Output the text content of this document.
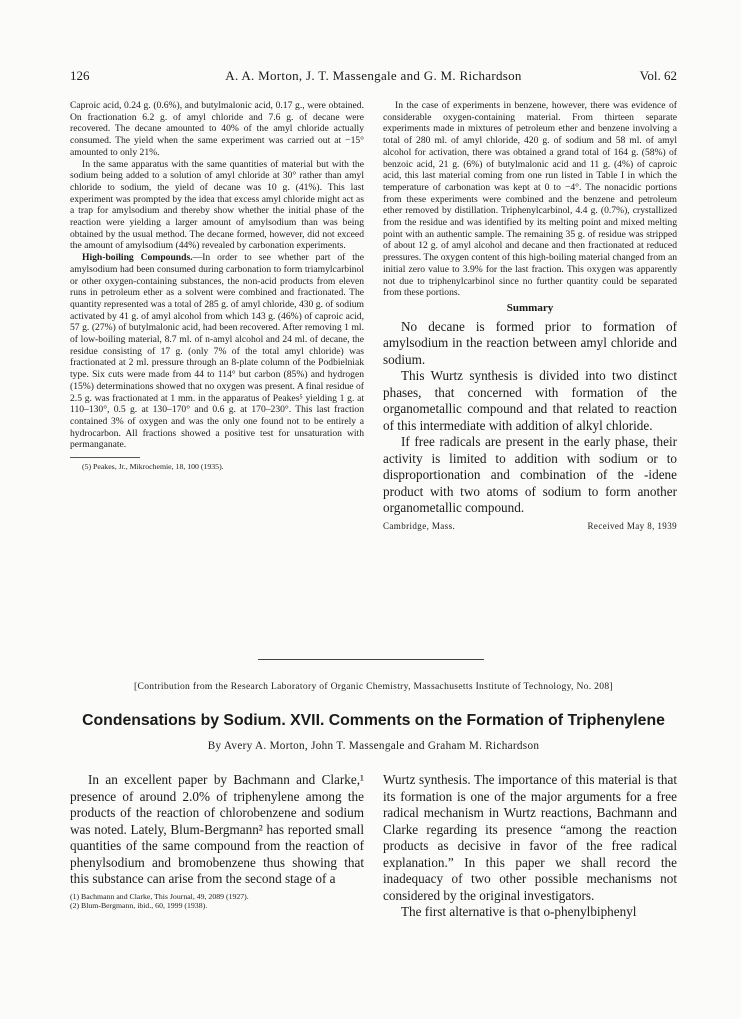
126	A. A. Morton, J. T. Massengale and G. M. Richardson	Vol. 62

Caproic acid, 0.24 g. (0.6%), and butylmalonic acid, 0.17 g., were obtained. On fractionation 6.2 g. of amyl chloride and 7.6 g. of decane were recovered. The decane amounted to 40% of the amyl chloride actually consumed. The yield when the same experiment was carried out at −15° amounted to only 21%.

In the same apparatus with the same quantities of material but with the sodium being added to a solution of amyl chloride at 30° rather than amyl chloride to sodium, the yield of decane was 10 g. (41%). This last experiment was prompted by the idea that excess amyl chloride might act as a trap for amylsodium and thereby show whether the initial phase of the reaction were yielding a larger amount of amylsodium than was being obtained by the usual method. The decane formed, however, did not exceed the amount of amylsodium (44%) revealed by carbonation experiments.

High-boiling Compounds.—In order to see whether part of the amylsodium had been consumed during carbonation to form triamylcarbinol or other oxygen-containing substances, the non-acid products from eleven runs in petroleum ether as a solvent were combined and fractionated. The quantity represented was a total of 285 g. of amyl chloride, 430 g. of sodium activated by 41 g. of amyl alcohol from which 143 g. (46%) of caproic acid, 57 g. (27%) of butylmalonic acid, had been recovered. After removing 1 ml. of low-boiling material, 8.7 ml. of n-amyl alcohol and 24 ml. of decane, the residue consisting of 17 g. (only 7% of the total amyl chloride) was fractionated at 2 ml. pressure through an 8-plate column of the Podbielniak type. Six cuts were made from 44 to 114° but carbon (85%) and hydrogen (15%) determinations showed that no oxygen was present. A final residue of 2.5 g. was fractionated at 1 mm. in the apparatus of Peakes⁵ yielding 1 g. at 110–130°, 0.5 g. at 130–170° and 0.6 g. at 170–230°. This last fraction contained 3% of oxygen and was the only one found not to be entirely a hydrocarbon. All fractions showed a positive test for unsaturation with permanganate.

(5) Peakes, Jr., Mikrochemie, 18, 100 (1935).

In the case of experiments in benzene, however, there was evidence of considerable oxygen-containing material. From thirteen separate experiments made in mixtures of petroleum ether and benzene involving a total of 280 ml. of amyl chloride, 420 g. of sodium and 58 ml. of amyl alcohol for activation, there was obtained a grand total of 164 g. (58%) of benzoic acid, 21 g. (6%) of butylmalonic acid and 11 g. (4%) of caproic acid, this last material coming from one run listed in Table I in which the temperature of carbonation was kept at 0 to −4°. The nonacidic portions from these experiments were combined and the benzene and petroleum ether removed by distillation. Triphenylcarbinol, 4.4 g. (0.7%), crystallized from the residue and was identified by its melting point and mixed melting point with an authentic sample. The remaining 35 g. of residue was stripped of about 12 g. of amyl alcohol and decane and then fractionated at reduced pressures. The oxygen content of this high-boiling material changed from an initial zero value to 3.9% for the last fraction. This oxygen was apparently not due to triphenylcarbinol since no further quantity could be separated from these portions.

Summary

No decane is formed prior to formation of amylsodium in the reaction between amyl chloride and sodium.

This Wurtz synthesis is divided into two distinct phases, that concerned with formation of the organometallic compound and that related to reaction of this intermediate with addition of alkyl chloride.

If free radicals are present in the early phase, their activity is limited to addition with sodium or to disproportionation and combination of the -idene product with two atoms of sodium to form another organometallic compound.

Cambridge, Mass.	Received May 8, 1939
[Contribution from the Research Laboratory of Organic Chemistry, Massachusetts Institute of Technology, No. 208]
Condensations by Sodium. XVII. Comments on the Formation of Triphenylene
By Avery A. Morton, John T. Massengale and Graham M. Richardson

In an excellent paper by Bachmann and Clarke,¹ presence of around 2.0% of triphenylene among the products of the reaction of chlorobenzene and sodium was noted. Lately, Blum-Bergmann² has reported small quantities of the same compound from the reaction of phenylsodium and bromobenzene thus showing that this substance can arise from the second stage of a

(1) Bachmann and Clarke, This Journal, 49, 2089 (1927).
(2) Blum-Bergmann, ibid., 60, 1999 (1938).

Wurtz synthesis. The importance of this material is that its formation is one of the major arguments for a free radical mechanism in Wurtz reactions, Bachmann and Clarke regarding its presence “among the reaction products as decisive in favor of the free radical explanation.” In this paper we shall record the inadequacy of two other possible mechanisms not considered by the original investigators.

The first alternative is that o-phenylbiphenyl
